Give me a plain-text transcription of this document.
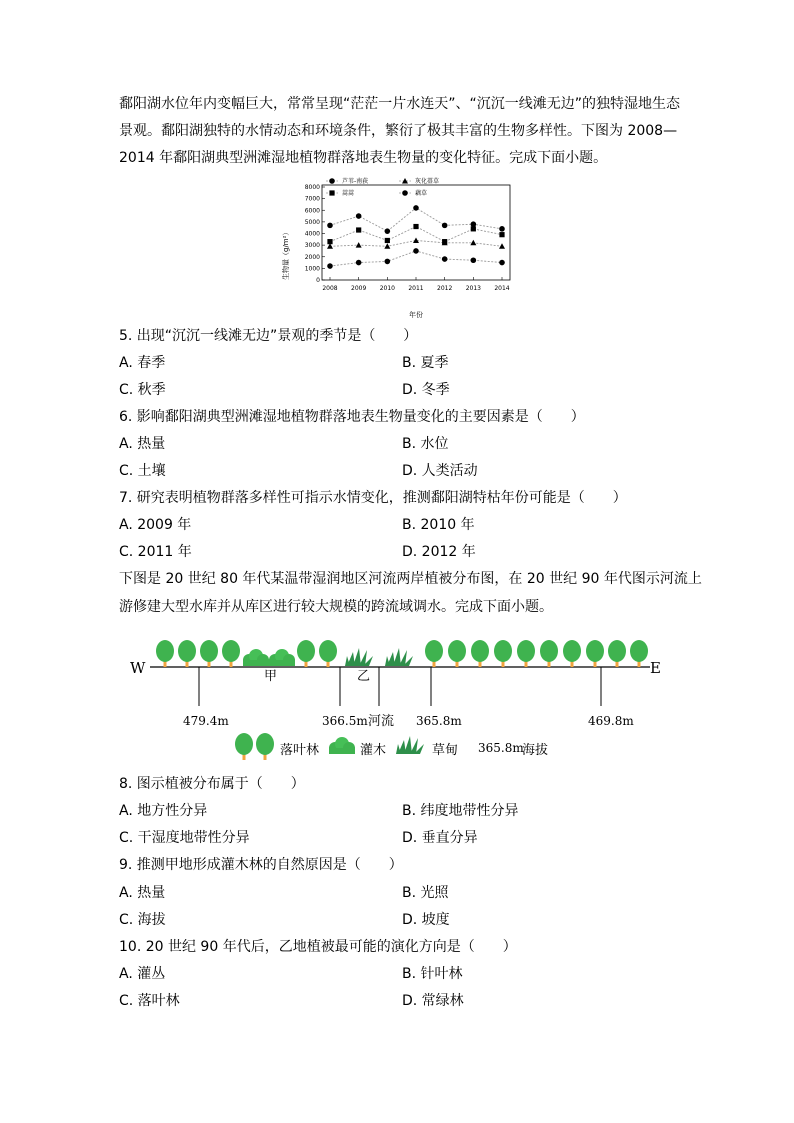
鄱阳湖水位年内变幅巨大，常常呈现“茫茫一片水连天”、“沉沉一线滩无边”的独特湿地生态
景观。鄱阳湖独特的水情动态和环境条件，繁衍了极其丰富的生物多样性。下图为 2008—
2014 年鄱阳湖典型洲滩湿地植物群落地表生物量的变化特征。完成下面小题。
0
1000
2000
3000
4000
5000
6000
7000
8000
2008 2009 2010 2011 2012 2013 2014
芦苇-南荻	灰化薹草
蒿蒿	藕草
生物量（g/m²）
年份
5. 出现“沉沉一线滩无边”景观的季节是（　　）
A. 春季	B. 夏季
C. 秋季	D. 冬季
6. 影响鄱阳湖典型洲滩湿地植物群落地表生物量变化的主要因素是（　　）
A. 热量	B. 水位
C. 土壤	D. 人类活动
7. 研究表明植物群落多样性可指示水情变化，推测鄱阳湖特枯年份可能是（　　）
A. 2009 年	B. 2010 年
C. 2011 年	D. 2012 年
下图是 20 世纪 80 年代某温带湿润地区河流两岸植被分布图，在 20 世纪 90 年代图示河流上
游修建大型水库并从库区进行较大规模的跨流域调水。完成下面小题。
W	E
甲	乙
479.4m	366.5m 河流 365.8m	469.8m
落叶林	灌木	草甸 365.8m
海拔
8. 图示植被分布属于（　　）
A. 地方性分异	B. 纬度地带性分异
C. 干湿度地带性分异	D. 垂直分异
9. 推测甲地形成灌木林的自然原因是（　　）
A. 热量	B. 光照
C. 海拔	D. 坡度
10. 20 世纪 90 年代后，乙地植被最可能的演化方向是（　　）
A. 灌丛	B. 针叶林
C. 落叶林	D. 常绿林
